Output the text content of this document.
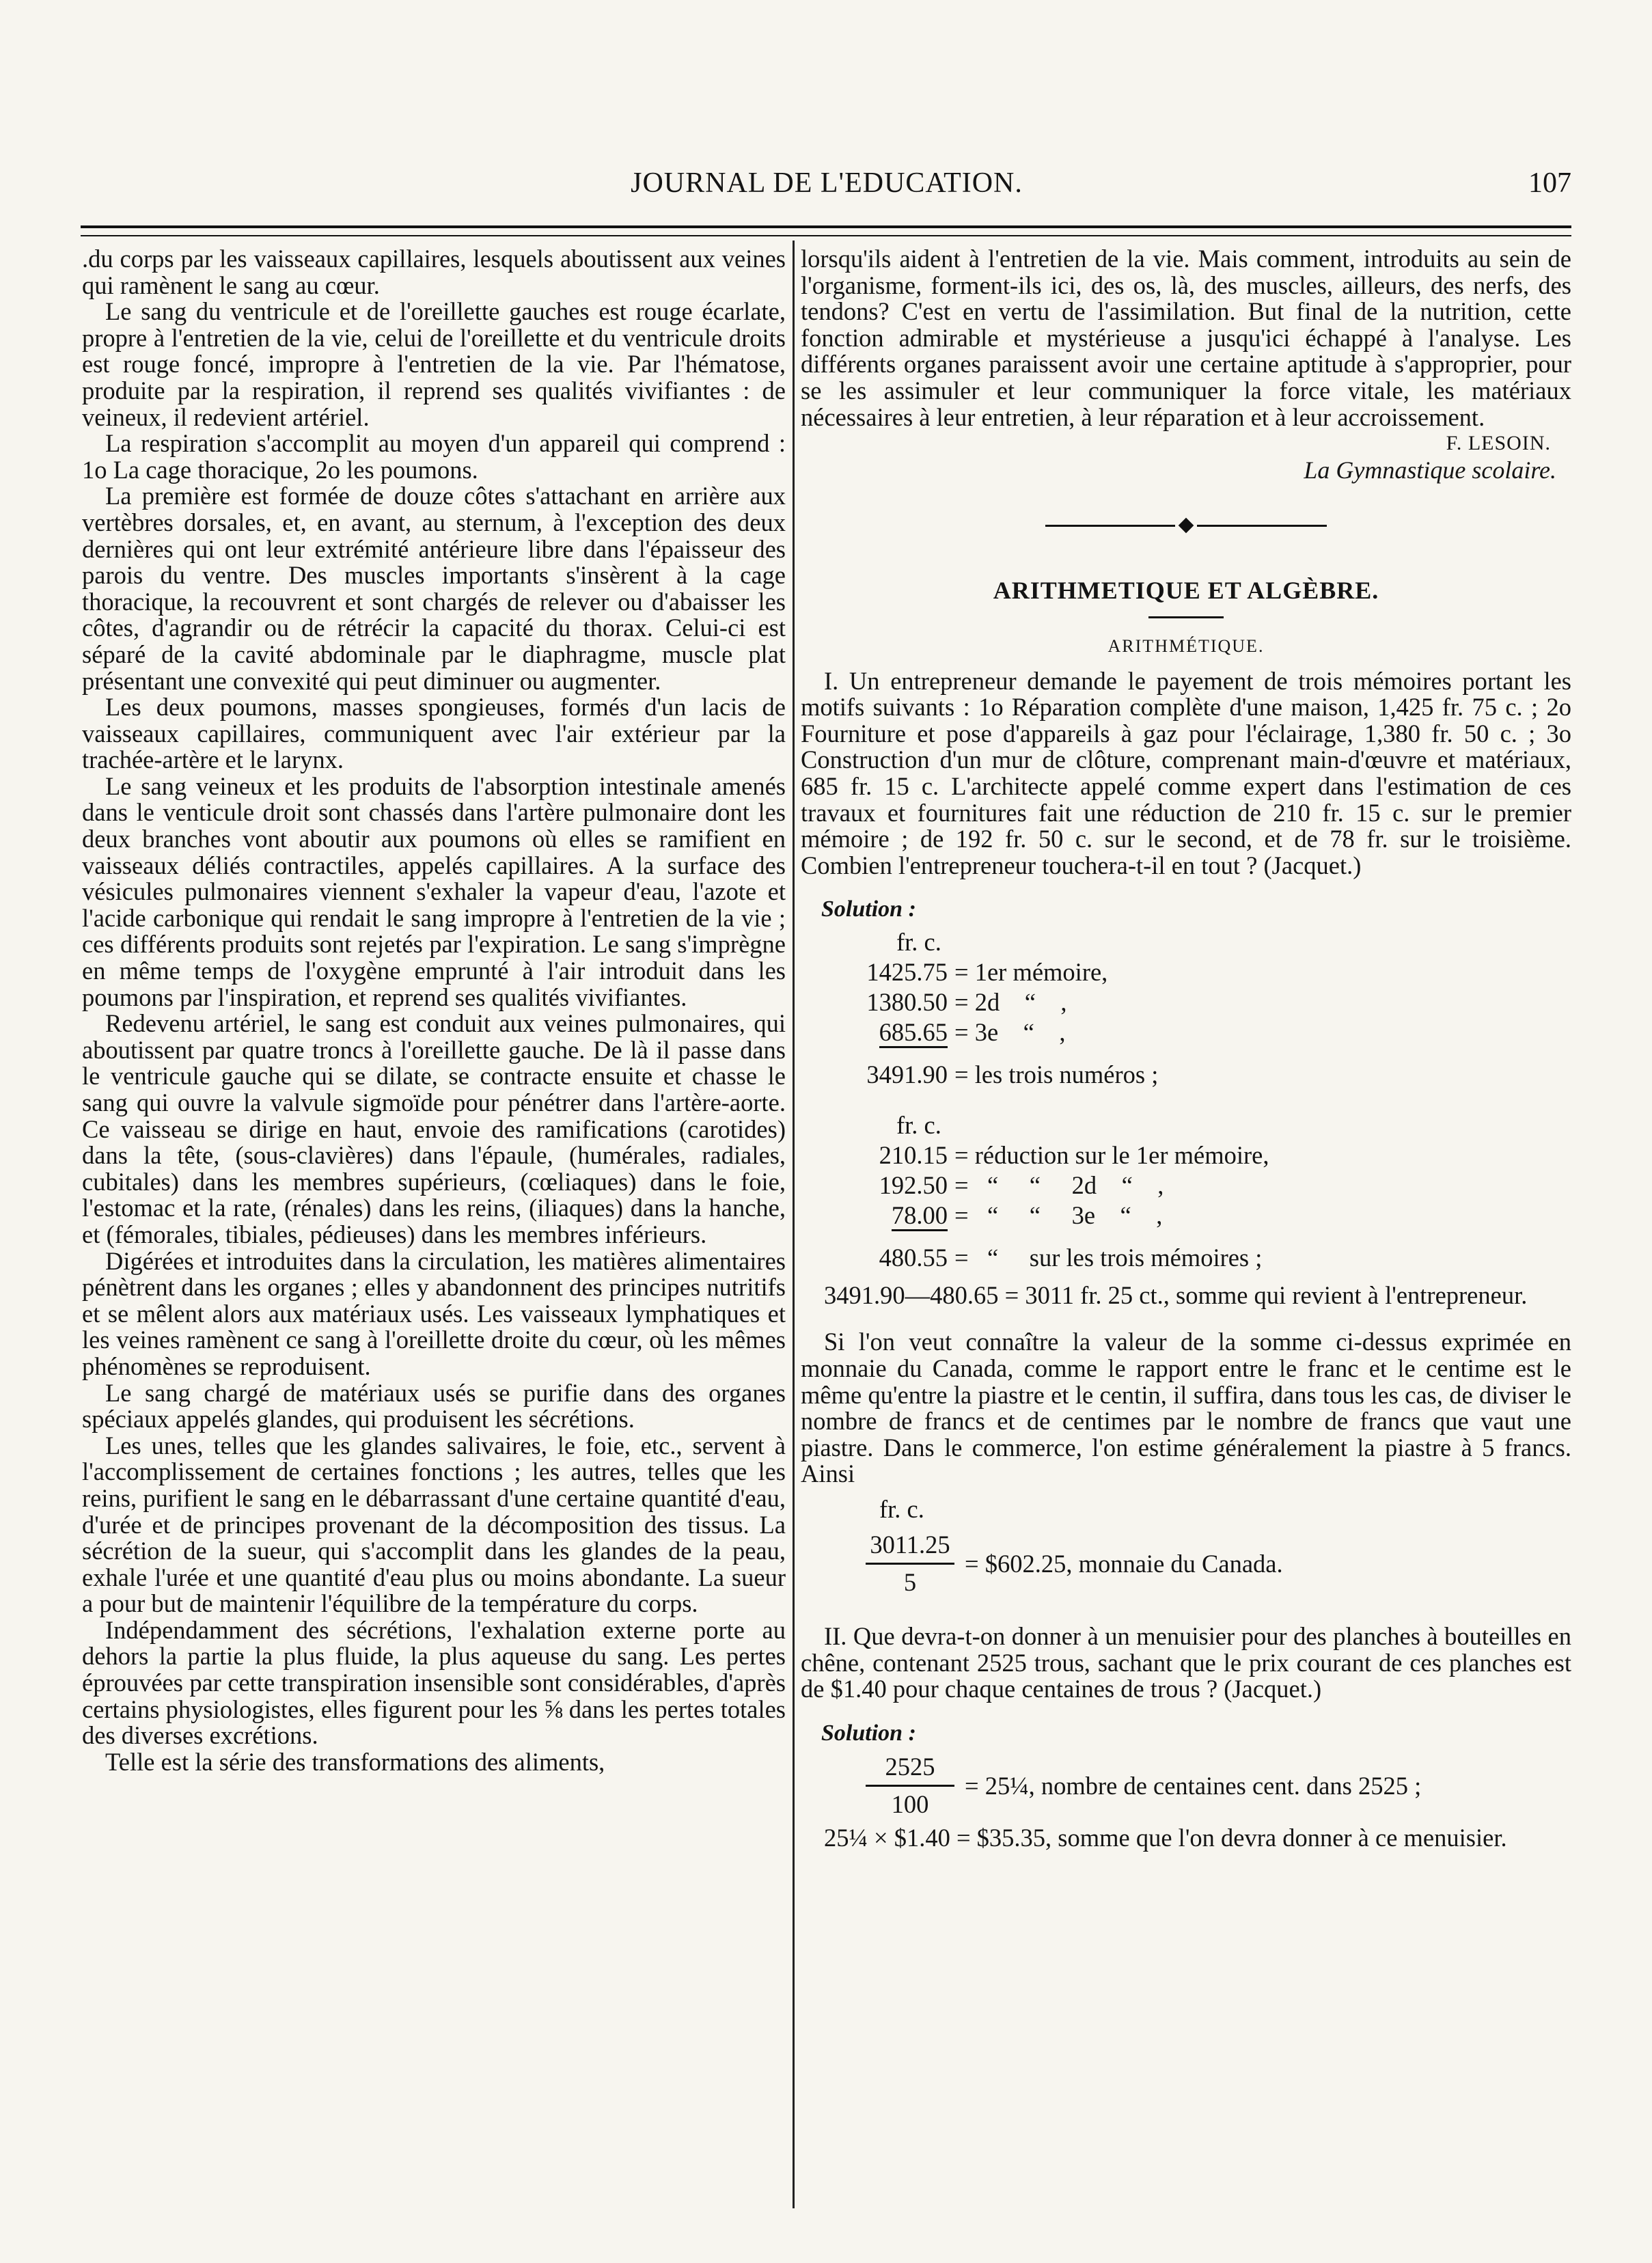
JOURNAL DE L'EDUCATION.	107

.du corps par les vaisseaux capillaires, lesquels aboutissent aux veines qui ramènent le sang au cœur.

Le sang du ventricule et de l'oreillette gauches est rouge écarlate, propre à l'entretien de la vie, celui de l'oreillette et du ventricule droits est rouge foncé, impropre à l'entretien de la vie. Par l'hématose, produite par la respiration, il reprend ses qualités vivifiantes : de veineux, il redevient artériel.

La respiration s'accomplit au moyen d'un appareil qui comprend : 1o La cage thoracique, 2o les poumons.

La première est formée de douze côtes s'attachant en arrière aux vertèbres dorsales, et, en avant, au sternum, à l'exception des deux dernières qui ont leur extrémité antérieure libre dans l'épaisseur des parois du ventre. Des muscles importants s'insèrent à la cage thoracique, la recouvrent et sont chargés de relever ou d'abaisser les côtes, d'agrandir ou de rétrécir la capacité du thorax. Celui-ci est séparé de la cavité abdominale par le diaphragme, muscle plat présentant une convexité qui peut diminuer ou augmenter.

Les deux poumons, masses spongieuses, formés d'un lacis de vaisseaux capillaires, communiquent avec l'air extérieur par la trachée-artère et le larynx.

Le sang veineux et les produits de l'absorption intestinale amenés dans le venticule droit sont chassés dans l'artère pulmonaire dont les deux branches vont aboutir aux poumons où elles se ramifient en vaisseaux déliés contractiles, appelés capillaires. A la surface des vésicules pulmonaires viennent s'exhaler la vapeur d'eau, l'azote et l'acide carbonique qui rendait le sang impropre à l'entretien de la vie ; ces différents produits sont rejetés par l'expiration. Le sang s'imprègne en même temps de l'oxygène emprunté à l'air introduit dans les poumons par l'inspiration, et reprend ses qualités vivifiantes.

Redevenu artériel, le sang est conduit aux veines pulmonaires, qui aboutissent par quatre troncs à l'oreillette gauche. De là il passe dans le ventricule gauche qui se dilate, se contracte ensuite et chasse le sang qui ouvre la valvule sigmoïde pour pénétrer dans l'artère-aorte. Ce vaisseau se dirige en haut, envoie des ramifications (carotides) dans la tête, (sous-clavières) dans l'épaule, (humérales, radiales, cubitales) dans les membres supérieurs, (cœliaques) dans le foie, l'estomac et la rate, (rénales) dans les reins, (iliaques) dans la hanche, et (fémorales, tibiales, pédieuses) dans les membres inférieurs.

Digérées et introduites dans la circulation, les matières alimentaires pénètrent dans les organes ; elles y abandonnent des principes nutritifs et se mêlent alors aux matériaux usés. Les vaisseaux lymphatiques et les veines ramènent ce sang à l'oreillette droite du cœur, où les mêmes phénomènes se reproduisent.

Le sang chargé de matériaux usés se purifie dans des organes spéciaux appelés glandes, qui produisent les sécrétions.

Les unes, telles que les glandes salivaires, le foie, etc., servent à l'accomplissement de certaines fonctions ; les autres, telles que les reins, purifient le sang en le débarrassant d'une certaine quantité d'eau, d'urée et de principes provenant de la décomposition des tissus. La sécrétion de la sueur, qui s'accomplit dans les glandes de la peau, exhale l'urée et une quantité d'eau plus ou moins abondante. La sueur a pour but de maintenir l'équilibre de la température du corps.

Indépendamment des sécrétions, l'exhalation externe porte au dehors la partie la plus fluide, la plus aqueuse du sang. Les pertes éprouvées par cette transpiration insensible sont considérables, d'après certains physiologistes, elles figurent pour les ⅝ dans les pertes totales des diverses excrétions.

Telle est la série des transformations des aliments,

lorsqu'ils aident à l'entretien de la vie. Mais comment, introduits au sein de l'organisme, forment-ils ici, des os, là, des muscles, ailleurs, des nerfs, des tendons? C'est en vertu de l'assimilation. But final de la nutrition, cette fonction admirable et mystérieuse a jusqu'ici échappé à l'analyse. Les différents organes paraissent avoir une certaine aptitude à s'approprier, pour se les assimuler et leur communiquer la force vitale, les matériaux nécessaires à leur entretien, à leur réparation et à leur accroissement.

F. LESOIN.
La Gymnastique scolaire.
ARITHMETIQUE ET ALGÈBRE.
ARITHMÉTIQUE.

I. Un entrepreneur demande le payement de trois mémoires portant les motifs suivants : 1o Réparation complète d'une maison, 1,425 fr. 75 c. ; 2o Fourniture et pose d'appareils à gaz pour l'éclairage, 1,380 fr. 50 c. ; 3o Construction d'un mur de clôture, comprenant main-d'œuvre et matériaux, 685 fr. 15 c. L'architecte appelé comme expert dans l'estimation de ces travaux et fournitures fait une réduction de 210 fr. 15 c. sur le premier mémoire ; de 192 fr. 50 c. sur le second, et de 78 fr. sur le troisième. Combien l'entrepreneur touchera-t-il en tout ? (Jacquet.)

Solution :
fr. c.
1425.75 = 1er mémoire,
1380.50 = 2d    “    ,
685.65 = 3e    “    ,
3491.90 = les trois numéros ;
fr. c.
210.15 = réduction sur le 1er mémoire,
192.50 =   “     “     2d    “    ,
78.00 =   “     “     3e    “    ,
480.55 =   “     sur les trois mémoires ;

3491.90—480.65 = 3011 fr. 25 ct., somme qui revient à l'entrepreneur.

Si l'on veut connaître la valeur de la somme ci-dessus exprimée en monnaie du Canada, comme le rapport entre le franc et le centime est le même qu'entre la piastre et le centin, il suffira, dans tous les cas, de diviser le nombre de francs et de centimes par le nombre de francs que vaut une piastre. Dans le commerce, l'on estime généralement la piastre à 5 francs. Ainsi

fr. c.
3011.25
5
= $602.25, monnaie du Canada.

II. Que devra-t-on donner à un menuisier pour des planches à bouteilles en chêne, contenant 2525 trous, sachant que le prix courant de ces planches est de $1.40 pour chaque centaines de trous ? (Jacquet.)

Solution :
2525
100
= 25¼, nombre de centaines cent. dans 2525 ;

25¼ × $1.40 = $35.35, somme que l'on devra donner à ce menuisier.
